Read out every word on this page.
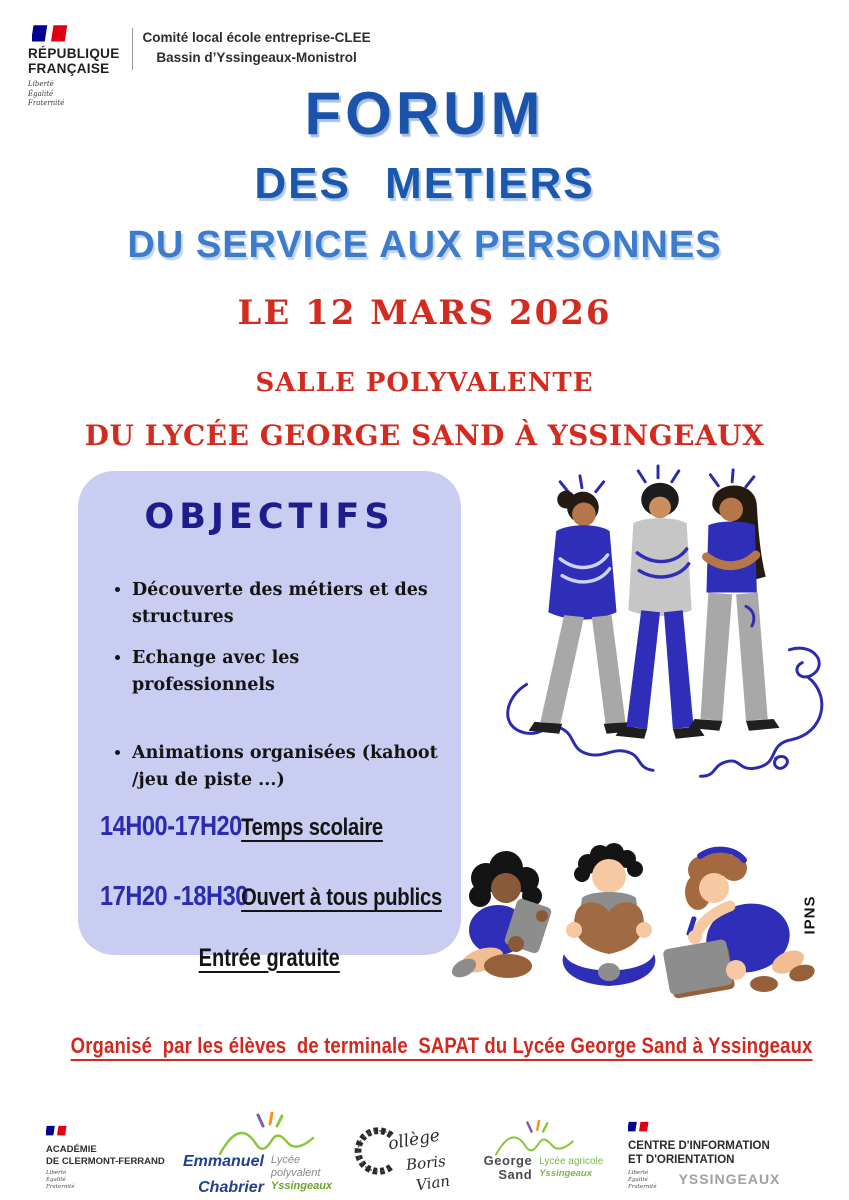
RÉPUBLIQUE
FRANÇAISE
Liberté
Égalité
Fraternité
Comité local école entreprise-CLEE
Bassin d’Yssingeaux-Monistrol
FORUM
DES METIERS
DU SERVICE AUX PERSONNES
LE 12 MARS 2026
SALLE POLYVALENTE
DU LYCÉE GEORGE SAND À YSSINGEAUX
OBJECTIFS
• Découverte des métiers et des structures
• Echange avec les professionnels
• Animations organisées (kahoot /jeu de piste ...)
14H00-17H20 Temps scolaire
17H20 -18H30
Ouvert à tous publics
Entrée gratuite
IPNS
Organisé  par les élèves  de terminale  SAPAT du Lycée George Sand à Yssingeaux
ACADÉMIE
DE CLERMONT-FERRAND
Liberté
Égalité
Fraternité
Emmanuel Lycée polyvalent
Chabrier Yssingeaux
ollège
Boris
Vian
George Lycée agricole
Sand Yssingeaux
CENTRE D'INFORMATION
ET D'ORIENTATION
Liberté
Égalité
Fraternité YSSINGEAUX
